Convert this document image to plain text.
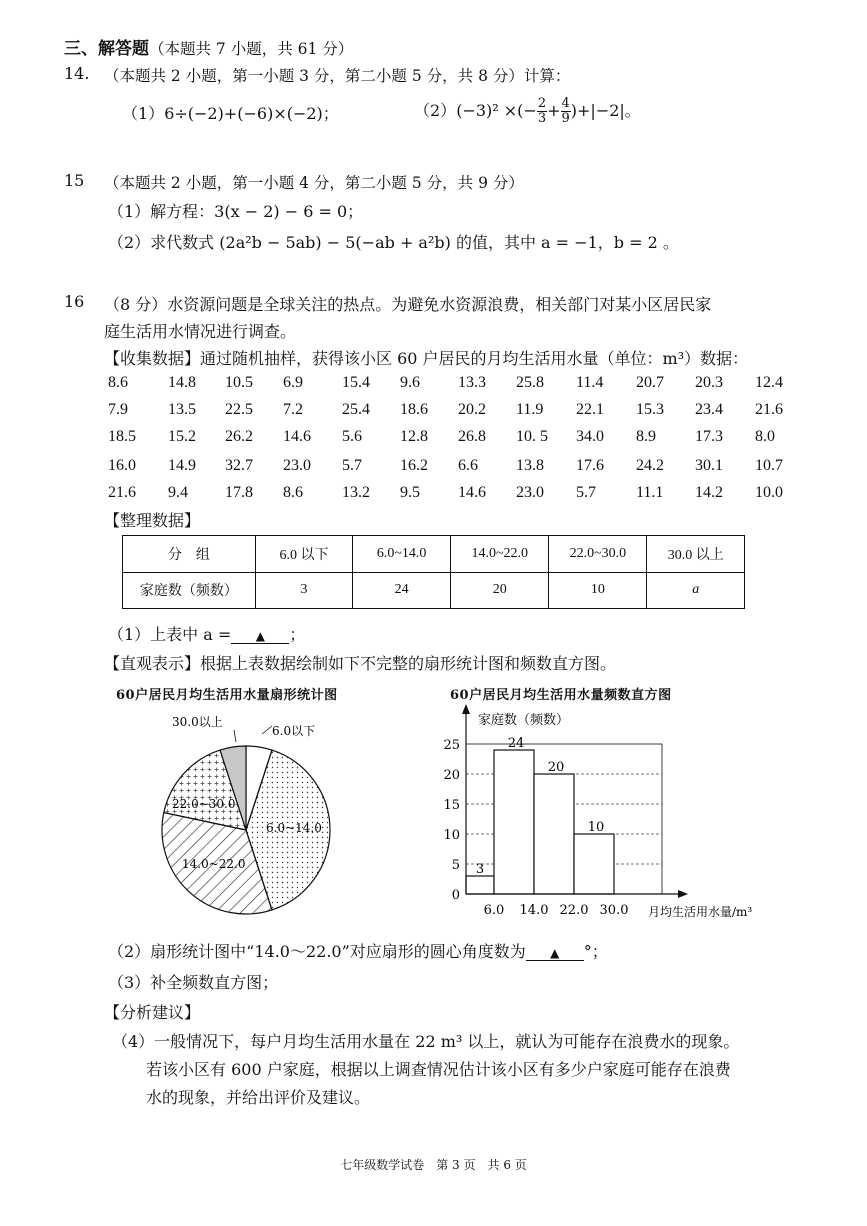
三、解答题（本题共 7 小题，共 61 分）
14. （本题共 2 小题，第一小题 3 分，第二小题 5 分，共 8 分）计算：
（1）6÷(−2)+(−6)×(−2)；	（2）(−3)² ×(− $\frac{2}{3} + \frac{4}{9} )+|-2|$。
15 （本题共 2 小题，第一小题 4 分，第二小题 5 分，共 9 分）
（1）解方程：3(x − 2) − 6 = 0；
（2）求代数式 (2a²b − 5ab) − 5(−ab + a²b) 的值，其中 a = −1，b = 2 。
16 （8 分）水资源问题是全球关注的热点。为避免水资源浪费，相关部门对某小区居民家
庭生活用水情况进行调查。
【收集数据】通过随机抽样，获得该小区 60 户居民的月均生活用水量（单位：m³）数据：
8.6	14.8 10.5 6.9 15.4 9.6 13.3 25.8 11.4 20.7 20.3 12.4
7.9	13.5 22.5 7.2 25.4 18.6 20.2 11.9 22.1 15.3 23.4 21.6
18.5 15.2 26.2 14.6 5.6 12.8 26.8 10. 5 34.0 8.9 17.3 8.0
16.0 14.9 32.7 23.0 5.7 16.2 6.6 13.8 17.6 24.2 30.1 10.7
21.6 9.4 17.8 8.6 13.2 9.5 14.6 23.0 5.7	11.1 14.2 10.0
【整理数据】
分　组	6.0 以下	6.0~14.0	14.0~22.0	22.0~30.0	30.0 以上
家庭数（频数）	3	24	20	10	a
（1）上表中 a = ▲ ；
【直观表示】根据上表数据绘制如下不完整的扇形统计图和频数直方图。
60户居民月均生活用水量扇形统计图
30.0以上
6.0以下
6.0~14.0
14.0~22.0
22.0~30.0
60户居民月均生活用水量频数直方图
0
5
10
15
20
25
6.0 14.0 22.0 30.0
3
24
20
10
家庭数（频数）
月均生活用水量/m³
（2）扇形统计图中“14.0～22.0”对应扇形的圆心角度数为 ▲ °；
（3）补全频数直方图；
【分析建议】
（4）一般情况下，每户月均生活用水量在 22 m³ 以上，就认为可能存在浪费水的现象。
若该小区有 600 户家庭，根据以上调查情况估计该小区有多少户家庭可能存在浪费
水的现象，并给出评价及建议。
七年级数学试卷　第 3 页　共 6 页
